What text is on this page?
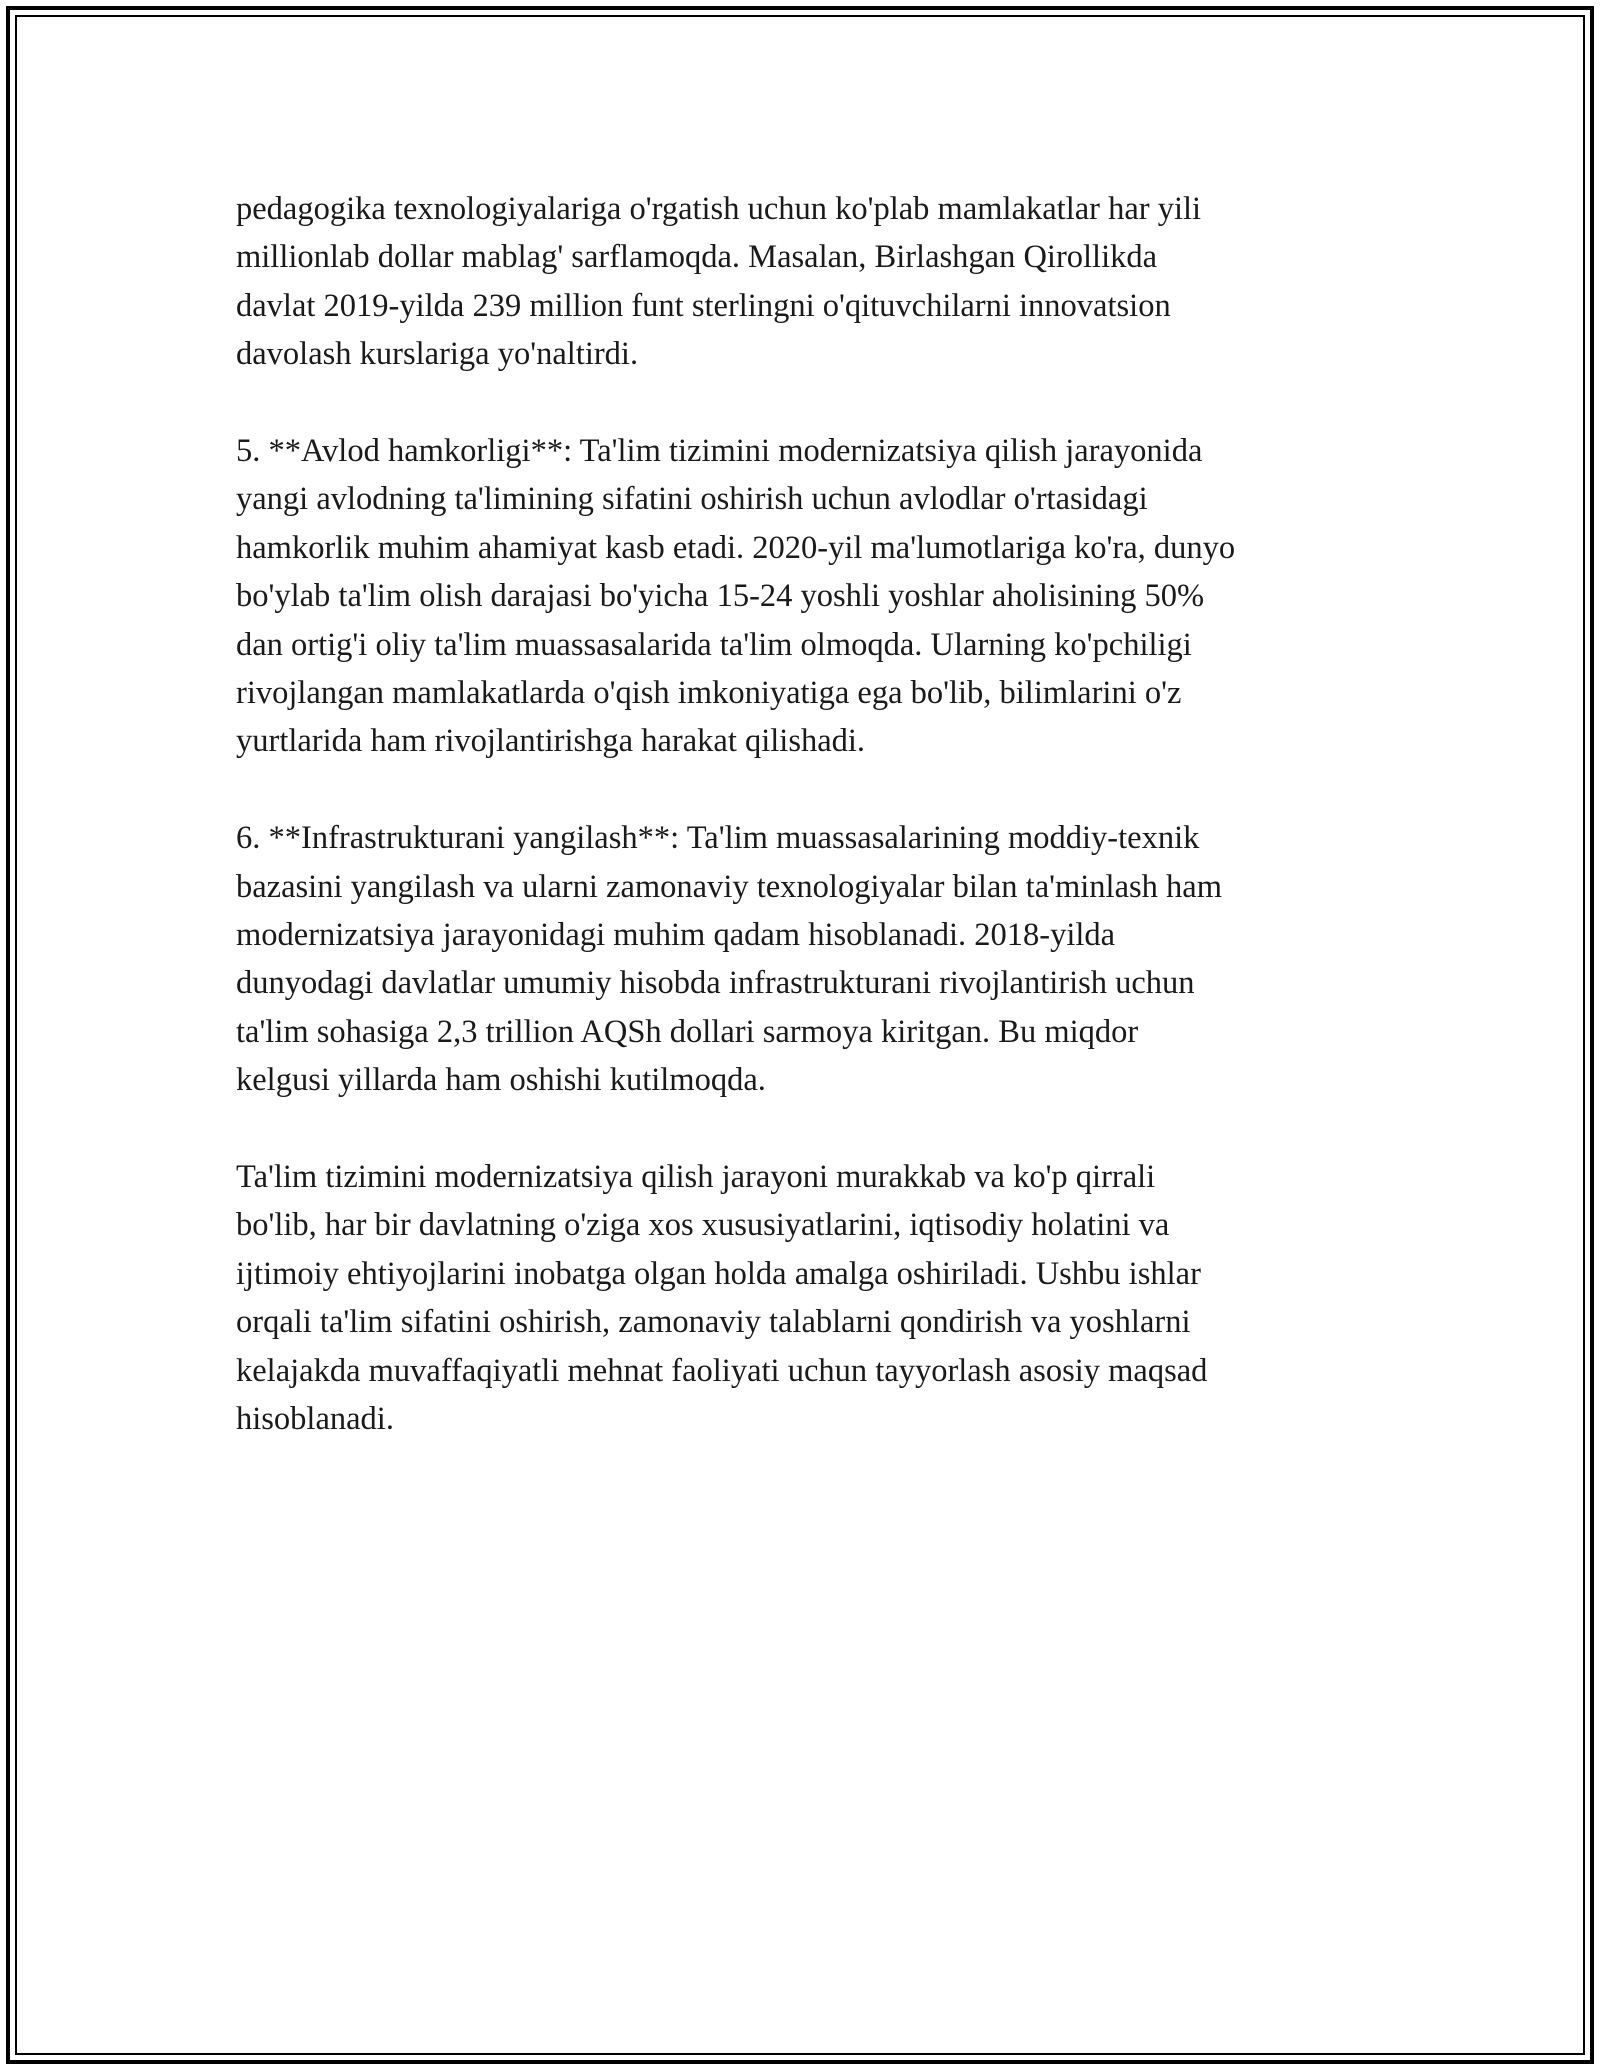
pedagogika texnologiyalariga o'rgatish uchun ko'plab mamlakatlar har yili
millionlab dollar mablag' sarflamoqda. Masalan, Birlashgan Qirollikda
davlat 2019-yilda 239 million funt sterlingni o'qituvchilarni innovatsion
davolash kurslariga yo'naltirdi.

5. **Avlod hamkorligi**: Ta'lim tizimini modernizatsiya qilish jarayonida
yangi avlodning ta'limining sifatini oshirish uchun avlodlar o'rtasidagi
hamkorlik muhim ahamiyat kasb etadi. 2020-yil ma'lumotlariga ko'ra, dunyo
bo'ylab ta'lim olish darajasi bo'yicha 15-24 yoshli yoshlar aholisining 50%
dan ortig'i oliy ta'lim muassasalarida ta'lim olmoqda. Ularning ko'pchiligi
rivojlangan mamlakatlarda o'qish imkoniyatiga ega bo'lib, bilimlarini o'z
yurtlarida ham rivojlantirishga harakat qilishadi.

6. **Infrastrukturani yangilash**: Ta'lim muassasalarining moddiy-texnik
bazasini yangilash va ularni zamonaviy texnologiyalar bilan ta'minlash ham
modernizatsiya jarayonidagi muhim qadam hisoblanadi. 2018-yilda
dunyodagi davlatlar umumiy hisobda infrastrukturani rivojlantirish uchun
ta'lim sohasiga 2,3 trillion AQSh dollari sarmoya kiritgan. Bu miqdor
kelgusi yillarda ham oshishi kutilmoqda.

Ta'lim tizimini modernizatsiya qilish jarayoni murakkab va ko'p qirrali
bo'lib, har bir davlatning o'ziga xos xususiyatlarini, iqtisodiy holatini va
ijtimoiy ehtiyojlarini inobatga olgan holda amalga oshiriladi. Ushbu ishlar
orqali ta'lim sifatini oshirish, zamonaviy talablarni qondirish va yoshlarni
kelajakda muvaffaqiyatli mehnat faoliyati uchun tayyorlash asosiy maqsad
hisoblanadi.
